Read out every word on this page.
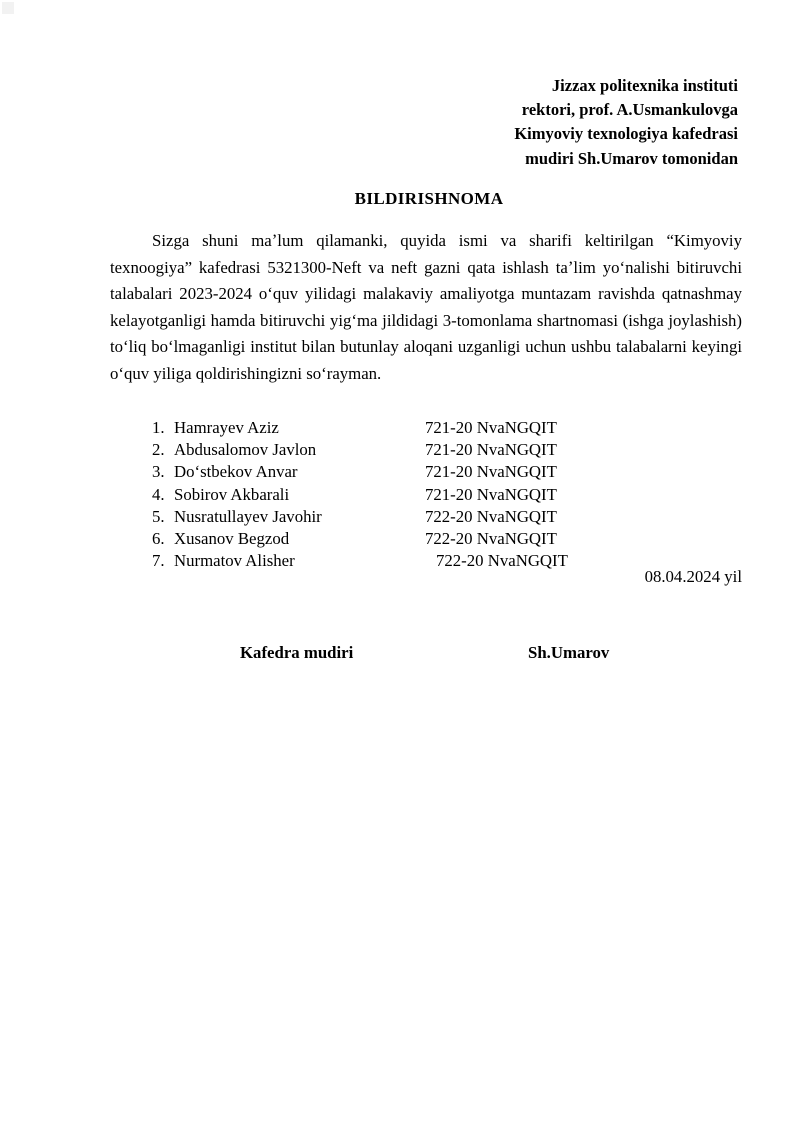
Jizzax politexnika instituti
rektori, prof. A.Usmankulovga
Kimyoviy texnologiya kafedrasi
mudiri Sh.Umarov tomonidan
BILDIRISHNOMA
Sizga shuni maʼlum qilamanki, quyida ismi va sharifi keltirilgan “Kimyoviy texnoogiya” kafedrasi 5321300-Neft va neft gazni qata ishlash taʼlim yoʻnalishi bitiruvchi talabalari 2023-2024 oʻquv yilidagi malakaviy amaliyotga muntazam ravishda qatnashmay kelayotganligi hamda bitiruvchi yigʻma jildidagi 3-tomonlama shartnomasi (ishga joylashish) toʻliq boʻlmaganligi institut bilan butunlay aloqani uzganligi uchun ushbu talabalarni keyingi oʻquv yiliga qoldirishingizni soʻrayman.
1. Hamrayev Aziz	721-20 NvaNGQIT
2. Abdusalomov Javlon	721-20 NvaNGQIT
3. Doʻstbekov Anvar	721-20 NvaNGQIT
4. Sobirov Akbarali	721-20 NvaNGQIT
5. Nusratullayev Javohir	722-20 NvaNGQIT
6. Xusanov Begzod	722-20 NvaNGQIT
7. Nurmatov Alisher	722-20 NvaNGQIT
08.04.2024 yil
Kafedra mudiri	Sh.Umarov
